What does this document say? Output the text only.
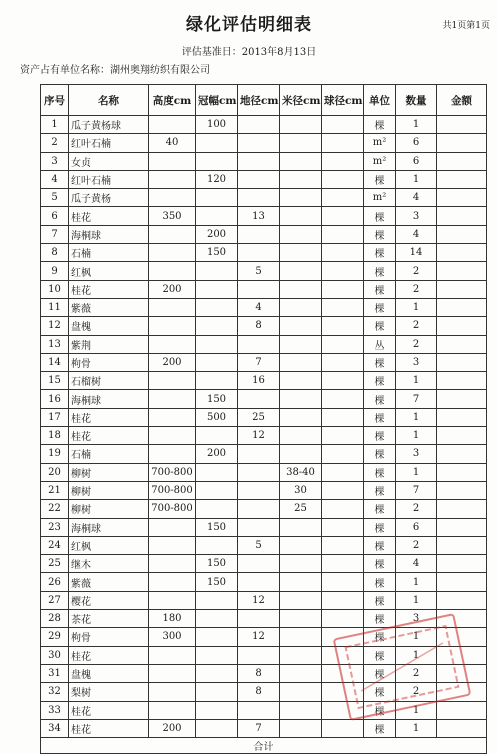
绿化评估明细表	共1页第1页
评估基准日：2013年8月13日
资产占有单位名称：湖州奥翔纺织有限公司
序号	名称	高度cm	冠幅cm	地径cm	米径cm	球径cm	单位	数量	金额
1	瓜子黄杨球		100				棵	1	
2	红叶石楠	40					m²	6	
3	女贞						m²	6	
4	红叶石楠		120				棵	1	
5	瓜子黄杨						m²	4	
6	桂花	350		13			棵	3	
7	海桐球		200				棵	4	
8	石楠		150				棵	14	
9	红枫			5			棵	2	
10	桂花	200					棵	2	
11	紫薇			4			棵	1	
12	盘槐			8			棵	2	
13	紫荆						丛	2	
14	枸骨	200		7			棵	3	
15	石榴树			16			棵	1	
16	海桐球		150				棵	7	
17	桂花		500	25			棵	1	
18	桂花			12			棵	1	
19	石楠		200				棵	3	
20	柳树	700-800			38-40		棵	1	
21	柳树	700-800			30		棵	7	
22	柳树	700-800			25		棵	2	
23	海桐球		150				棵	6	
24	红枫			5			棵	2	
25	继木		150				棵	4	
26	紫薇		150				棵	1	
27	樱花			12			棵	1	
28	茶花	180					棵	3	
29	枸骨	300		12			棵	1	
30	桂花						棵	1	
31	盘槐			8			棵	2	
32	梨树			8			棵	2	
33	桂花						棵	1	
34	桂花	200		7			棵	1	
合计									
